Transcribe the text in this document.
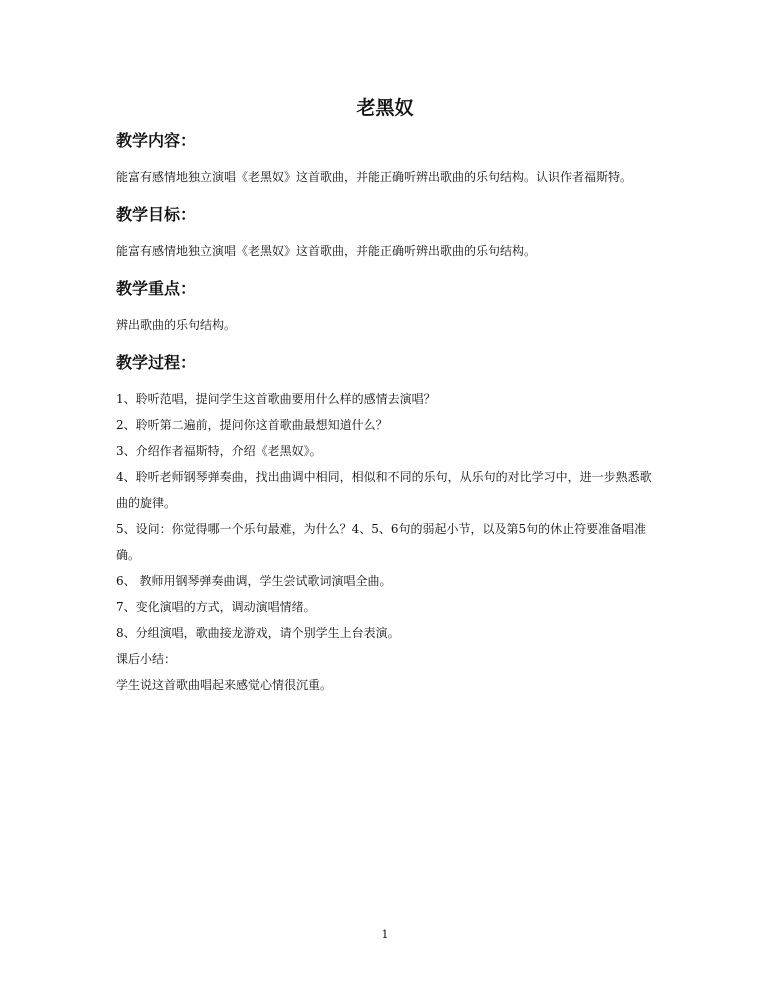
老黑奴
教学内容：
能富有感情地独立演唱《老黑奴》这首歌曲，并能正确听辨出歌曲的乐句结构。认识作者福斯特。
教学目标：
能富有感情地独立演唱《老黑奴》这首歌曲，并能正确听辨出歌曲的乐句结构。
教学重点：
辨出歌曲的乐句结构。
教学过程：
1、聆听范唱，提问学生这首歌曲要用什么样的感情去演唱？
2、聆听第二遍前，提问你这首歌曲最想知道什么？
3、介绍作者福斯特，介绍《老黑奴》。
4、聆听老师钢琴弹奏曲，找出曲调中相同，相似和不同的乐句，从乐句的对比学习中，进一步熟悉歌曲的旋律。
5、设问：你觉得哪一个乐句最难，为什么？4、5、6句的弱起小节，以及第5句的休止符要准备唱准确。
6、 教师用钢琴弹奏曲调，学生尝试歌词演唱全曲。
7、变化演唱的方式，调动演唱情绪。
8、分组演唱，歌曲接龙游戏，请个别学生上台表演。
课后小结：
学生说这首歌曲唱起来感觉心情很沉重。
1
